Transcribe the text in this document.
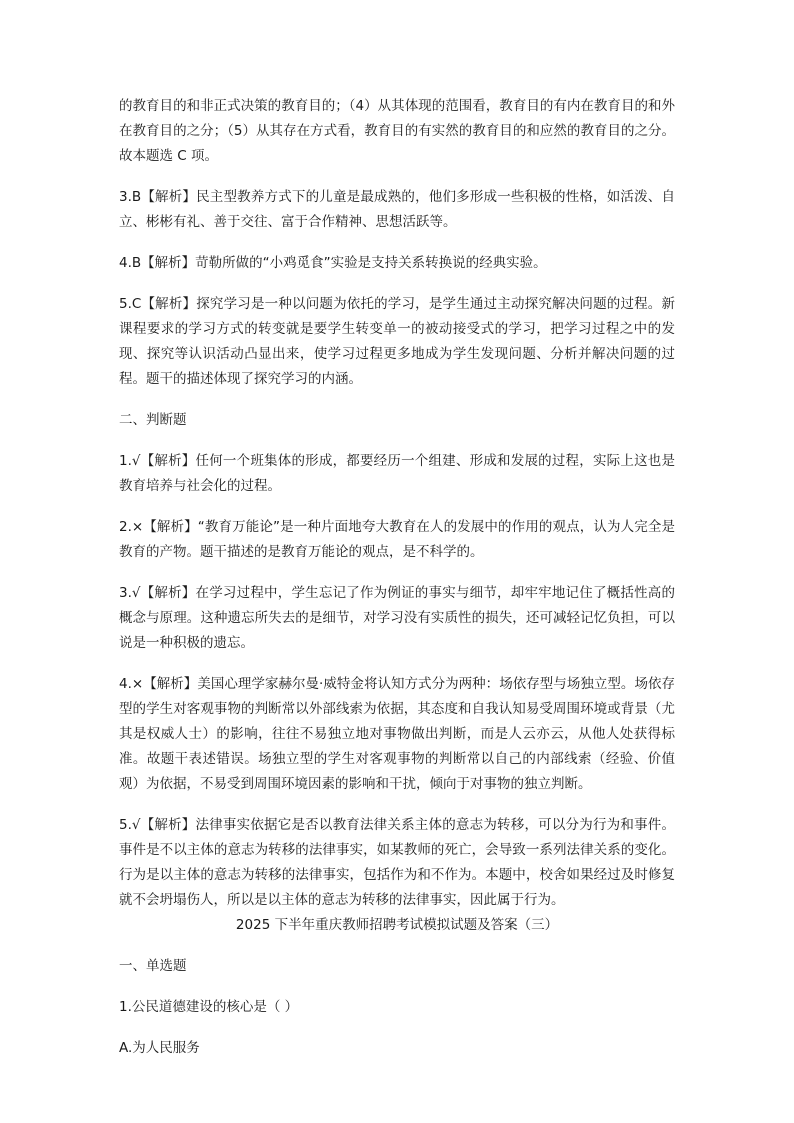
的教育目的和非正式决策的教育目的；（4）从其体现的范围看，教育目的有内在教育目的和外在教育目的之分；（5）从其存在方式看，教育目的有实然的教育目的和应然的教育目的之分。故本题选 C 项。

3.B【解析】民主型教养方式下的儿童是最成熟的，他们多形成一些积极的性格，如活泼、自立、彬彬有礼、善于交往、富于合作精神、思想活跃等。

4.B【解析】苛勒所做的“小鸡觅食”实验是支持关系转换说的经典实验。

5.C【解析】探究学习是一种以问题为依托的学习，是学生通过主动探究解决问题的过程。新课程要求的学习方式的转变就是要学生转变单一的被动接受式的学习，把学习过程之中的发现、探究等认识活动凸显出来，使学习过程更多地成为学生发现问题、分析并解决问题的过程。题干的描述体现了探究学习的内涵。

二、判断题

1.√【解析】任何一个班集体的形成，都要经历一个组建、形成和发展的过程，实际上这也是教育培养与社会化的过程。

2.×【解析】“教育万能论”是一种片面地夸大教育在人的发展中的作用的观点，认为人完全是教育的产物。题干描述的是教育万能论的观点，是不科学的。

3.√【解析】在学习过程中，学生忘记了作为例证的事实与细节，却牢牢地记住了概括性高的概念与原理。这种遗忘所失去的是细节，对学习没有实质性的损失，还可减轻记忆负担，可以说是一种积极的遗忘。

4.×【解析】美国心理学家赫尔曼·威特金将认知方式分为两种：场依存型与场独立型。场依存型的学生对客观事物的判断常以外部线索为依据，其态度和自我认知易受周围环境或背景（尤其是权威人士）的影响，往往不易独立地对事物做出判断，而是人云亦云，从他人处获得标准。故题干表述错误。场独立型的学生对客观事物的判断常以自己的内部线索（经验、价值观）为依据，不易受到周围环境因素的影响和干扰，倾向于对事物的独立判断。

5.√【解析】法律事实依据它是否以教育法律关系主体的意志为转移，可以分为行为和事件。事件是不以主体的意志为转移的法律事实，如某教师的死亡，会导致一系列法律关系的变化。行为是以主体的意志为转移的法律事实，包括作为和不作为。本题中，校舍如果经过及时修复就不会坍塌伤人，所以是以主体的意志为转移的法律事实，因此属于行为。

2025 下半年重庆教师招聘考试模拟试题及答案（三）

一、单选题

1.公民道德建设的核心是（ ）

A.为人民服务
